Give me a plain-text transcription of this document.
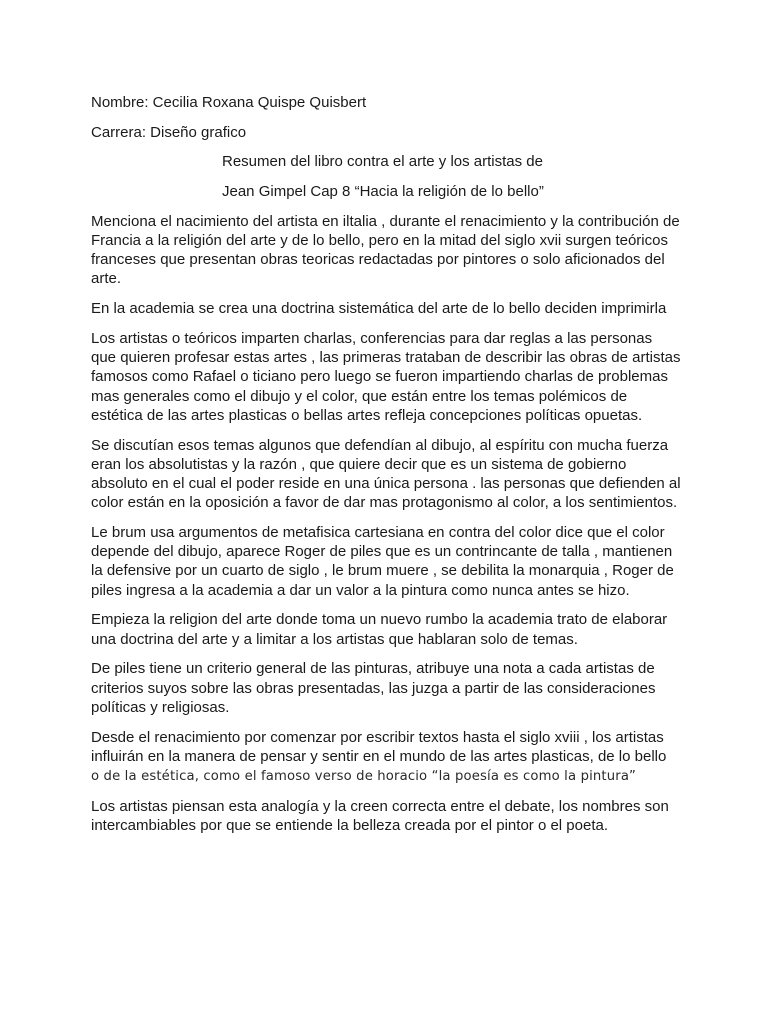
Nombre: Cecilia Roxana Quispe Quisbert

Carrera: Diseño grafico

Resumen del libro contra el arte y los artistas de

Jean Gimpel Cap 8 “Hacia la religión de lo bello”

Menciona el nacimiento del artista en iltalia , durante el renacimiento y la contribución de Francia a la religión del arte y de lo bello, pero en la mitad del siglo xvii surgen teóricos franceses que presentan obras teoricas redactadas por pintores o solo aficionados del arte.

En la academia se crea una doctrina sistemática del arte de lo bello deciden imprimirla

Los artistas o teóricos imparten charlas, conferencias para dar reglas a las personas que quieren profesar estas artes , las primeras trataban de describir las obras de artistas famosos como Rafael o ticiano pero luego se fueron impartiendo charlas de problemas mas generales como el dibujo y el color, que están entre los temas polémicos de estética de las artes plasticas o bellas artes refleja concepciones políticas opuetas.

Se discutían esos temas algunos que defendían al dibujo, al espíritu con mucha fuerza eran los absolutistas y la razón , que quiere decir que es un sistema de gobierno absoluto en el cual el poder reside en una única persona . las personas que defienden al color están en la oposición a favor de dar mas protagonismo al color, a los sentimientos.

Le brum usa argumentos de metafisica cartesiana en contra del color dice que el color depende del dibujo, aparece Roger de piles que es un contrincante de talla , mantienen la defensive por un cuarto de siglo , le brum muere , se debilita la monarquia , Roger de piles ingresa a la academia a dar un valor a la pintura como nunca antes se hizo.

Empieza la religion del arte donde toma un nuevo rumbo la academia trato de elaborar una doctrina del arte y a limitar a los artistas que hablaran solo de temas.

De piles tiene un criterio general de las pinturas, atribuye una nota a cada artistas de criterios suyos sobre las obras presentadas, las juzga a partir de las consideraciones políticas y religiosas.

Desde el renacimiento por comenzar por escribir textos hasta el siglo xviii , los artistas influirán en la manera de pensar y sentir en el mundo de las artes plasticas, de lo bello
o de la estética, como el famoso verso de horacio “la poesía es como la pintura”

Los artistas piensan esta analogía y la creen correcta entre el debate, los nombres son intercambiables por que se entiende la belleza creada por el pintor o el poeta.
